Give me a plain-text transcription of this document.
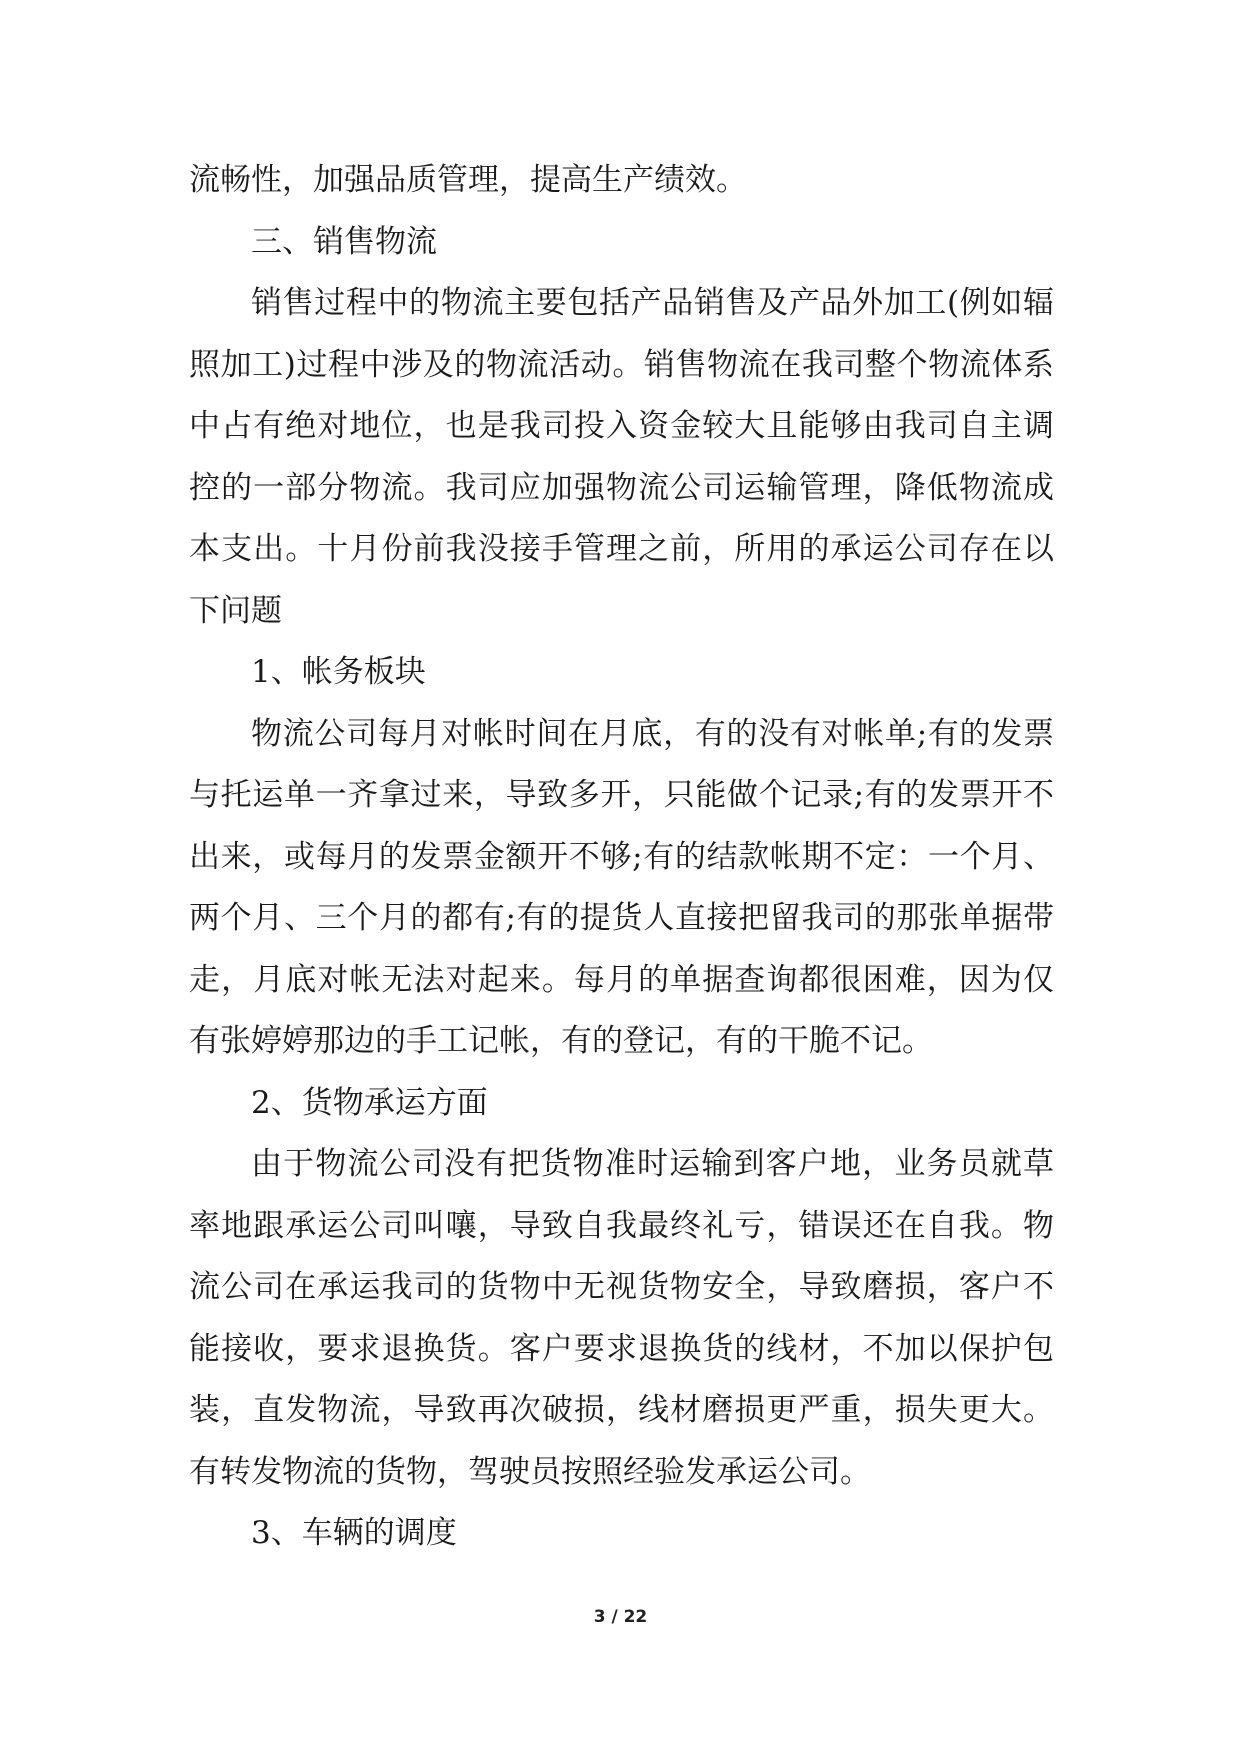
流畅性，加强品质管理，提高生产绩效。

三、销售物流

销售过程中的物流主要包括产品销售及产品外加工(例如辐照加工)过程中涉及的物流活动。销售物流在我司整个物流体系中占有绝对地位，也是我司投入资金较大且能够由我司自主调控的一部分物流。我司应加强物流公司运输管理，降低物流成本支出。十月份前我没接手管理之前，所用的承运公司存在以下问题

1、帐务板块

物流公司每月对帐时间在月底，有的没有对帐单;有的发票与托运单一齐拿过来，导致多开，只能做个记录;有的发票开不出来，或每月的发票金额开不够;有的结款帐期不定：一个月、两个月、三个月的都有;有的提货人直接把留我司的那张单据带走，月底对帐无法对起来。每月的单据查询都很困难，因为仅有张婷婷那边的手工记帐，有的登记，有的干脆不记。

2、货物承运方面

由于物流公司没有把货物准时运输到客户地，业务员就草率地跟承运公司叫嚷，导致自我最终礼亏，错误还在自我。物流公司在承运我司的货物中无视货物安全，导致磨损，客户不能接收，要求退换货。客户要求退换货的线材，不加以保护包装，直发物流，导致再次破损，线材磨损更严重，损失更大。有转发物流的货物，驾驶员按照经验发承运公司。

3、车辆的调度

3 / 22
